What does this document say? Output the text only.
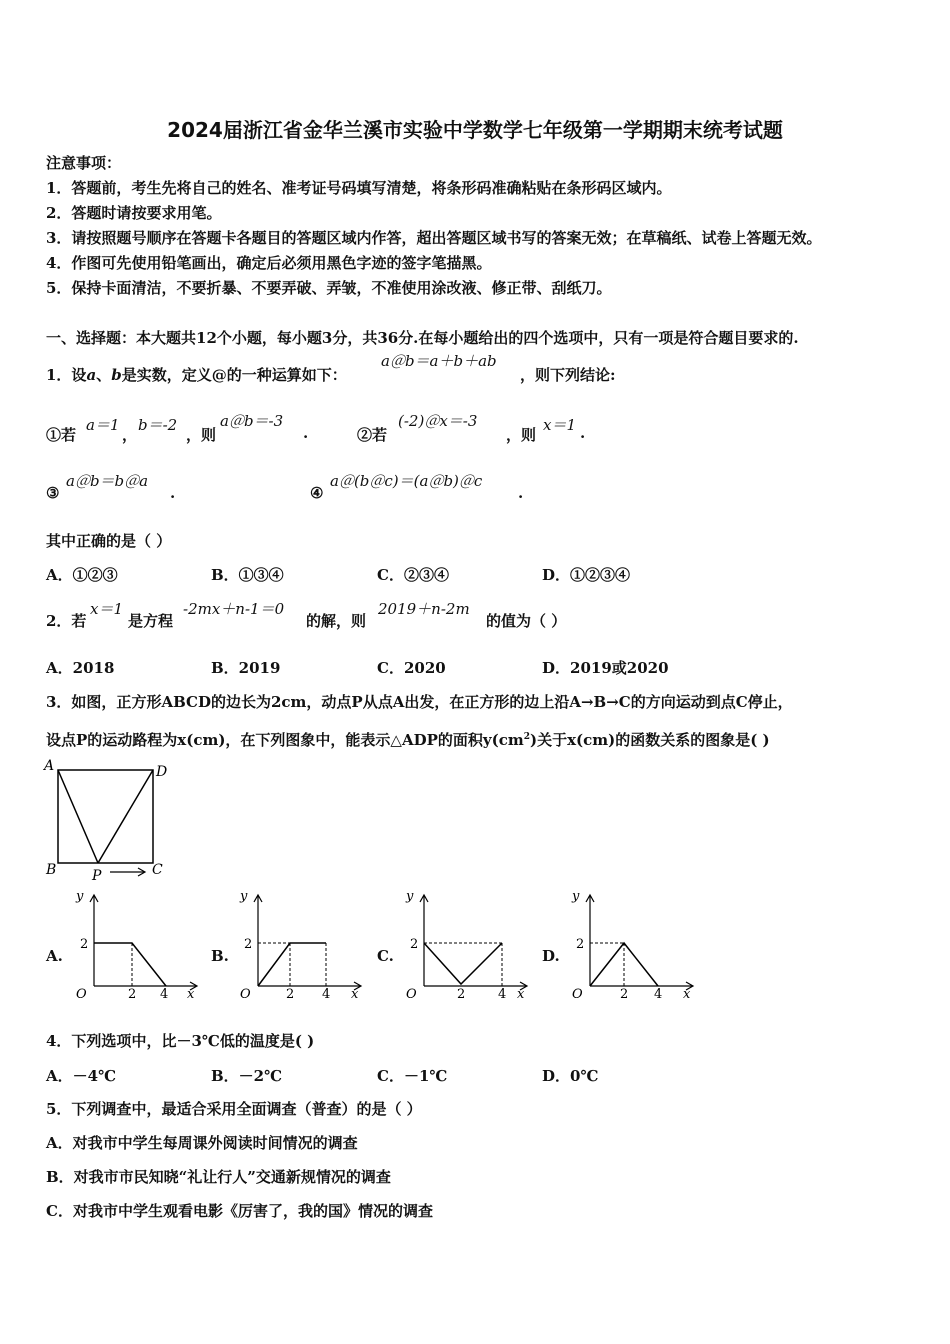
2024届浙江省金华兰溪市实验中学数学七年级第一学期期末统考试题
注意事项：
1．答题前，考生先将自己的姓名、准考证号码填写清楚，将条形码准确粘贴在条形码区域内。
2．答题时请按要求用笔。
3．请按照题号顺序在答题卡各题目的答题区域内作答，超出答题区域书写的答案无效；在草稿纸、试卷上答题无效。
4．作图可先使用铅笔画出，确定后必须用黑色字迹的签字笔描黑。
5．保持卡面清洁，不要折暴、不要弄破、弄皱，不准使用涂改液、修正带、刮纸刀。
一、选择题：本大题共12个小题，每小题3分，共36分.在每小题给出的四个选项中，只有一项是符合题目要求的.
1．设a、b是实数，定义@的一种运算如下：
a＠b＝a＋b＋ab
，则下列结论:
①若
a＝1
，
b＝-2
，则
a＠b＝-3
.	②若
(-2)＠x＝-3
，则
x＝1 .
③
a＠b＝b＠a
.	④
a＠(b＠c)＝(a＠b)＠c
.
其中正确的是（ ）
A．①②③	B．①③④	C．②③④	D．①②③④
2．若
x＝1
是方程
-2mx＋n-1＝0
的解，则
2019＋n-2m
的值为（ ）
A．2018	B．2019	C．2020	D．2019或2020
3．如图，正方形ABCD的边长为2cm，动点P从点A出发，在正方形的边上沿A→B→C的方向运动到点C停止，
设点P的运动路程为x(cm)，在下列图象中，能表示△ADP的面积$y(cm^2)$关于x(cm)的函数关系的图象是( )
A	D
B	C
P
A.
y
x
O
2
2 4
B.
y
x
O
2
2 4
C.
y
x
O
2
2	4
D.
y
x
O
2
2 4
4．下列选项中，比－3℃低的温度是( )
A．－4℃	B．－2℃	C．－1℃	D．0℃
5．下列调查中，最适合采用全面调查（普查）的是（ ）
A．对我市中学生每周课外阅读时间情况的调查
B．对我市市民知晓“礼让行人”交通新规情况的调查
C．对我市中学生观看电影《厉害了，我的国》情况的调查
